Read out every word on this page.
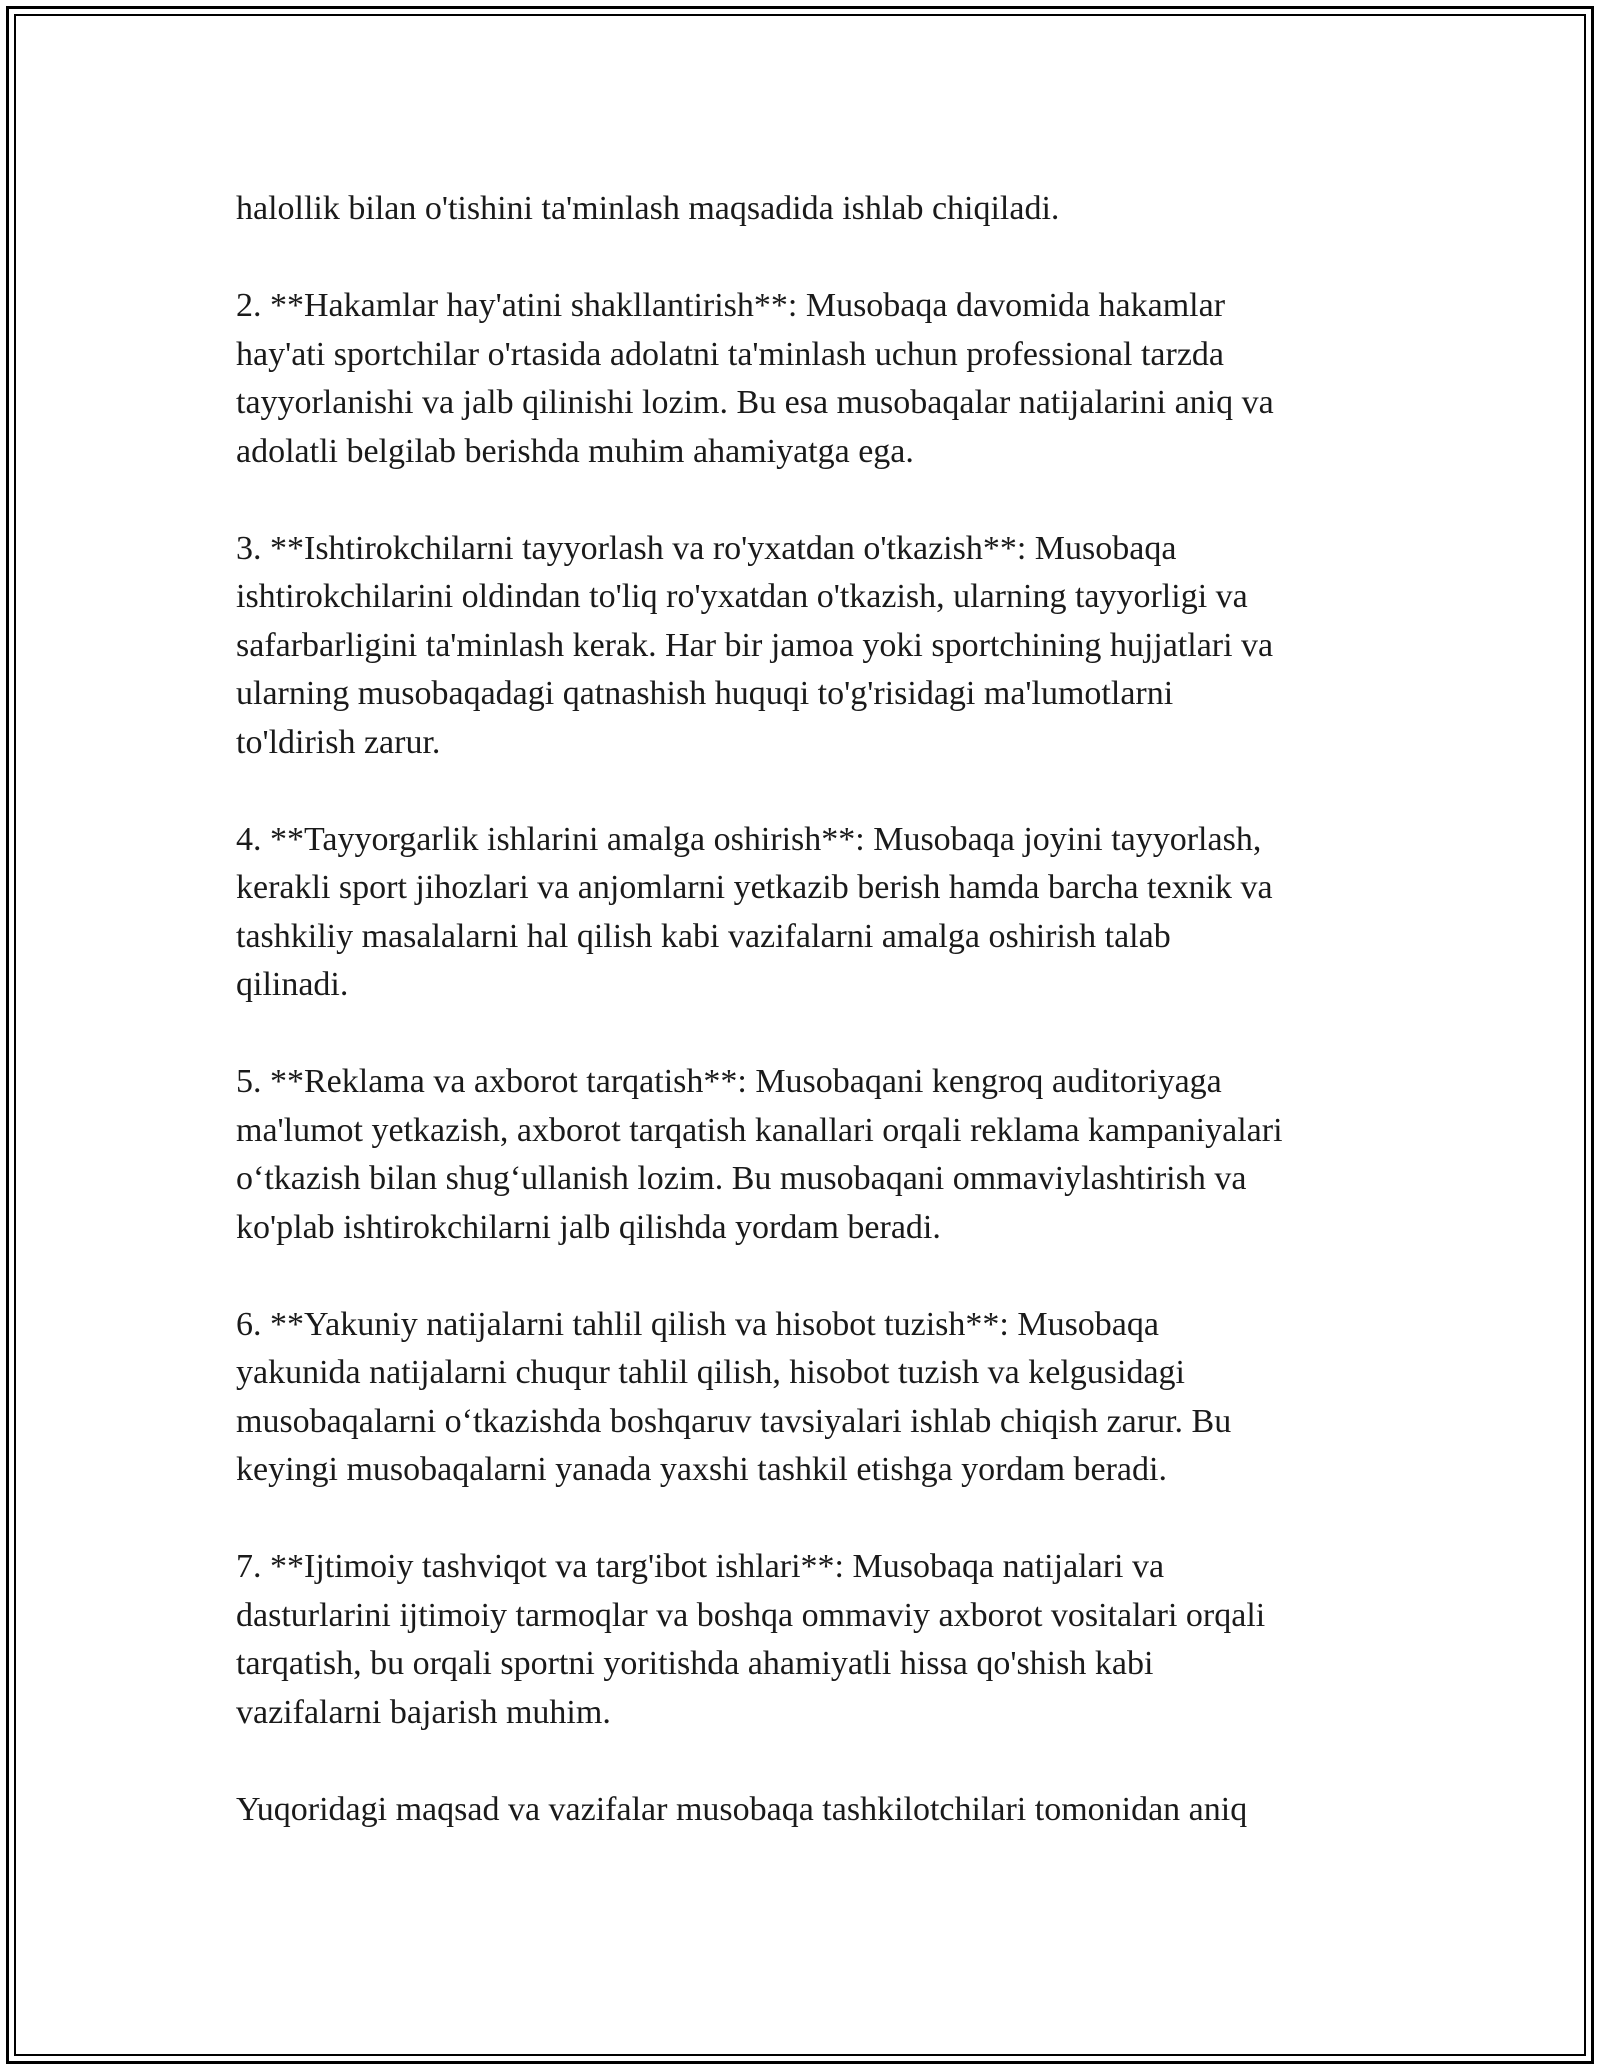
halollik bilan o'tishini ta'minlash maqsadida ishlab chiqiladi.

2. **Hakamlar hay'atini shakllantirish**: Musobaqa davomida hakamlar
hay'ati sportchilar o'rtasida adolatni ta'minlash uchun professional tarzda
tayyorlanishi va jalb qilinishi lozim. Bu esa musobaqalar natijalarini aniq va
adolatli belgilab berishda muhim ahamiyatga ega.

3. **Ishtirokchilarni tayyorlash va ro'yxatdan o'tkazish**: Musobaqa
ishtirokchilarini oldindan to'liq ro'yxatdan o'tkazish, ularning tayyorligi va
safarbarligini ta'minlash kerak. Har bir jamoa yoki sportchining hujjatlari va
ularning musobaqadagi qatnashish huquqi to'g'risidagi ma'lumotlarni
to'ldirish zarur.

4. **Tayyorgarlik ishlarini amalga oshirish**: Musobaqa joyini tayyorlash,
kerakli sport jihozlari va anjomlarni yetkazib berish hamda barcha texnik va
tashkiliy masalalarni hal qilish kabi vazifalarni amalga oshirish talab
qilinadi.

5. **Reklama va axborot tarqatish**: Musobaqani kengroq auditoriyaga
ma'lumot yetkazish, axborot tarqatish kanallari orqali reklama kampaniyalari
o‘tkazish bilan shug‘ullanish lozim. Bu musobaqani ommaviylashtirish va
ko'plab ishtirokchilarni jalb qilishda yordam beradi.

6. **Yakuniy natijalarni tahlil qilish va hisobot tuzish**: Musobaqa
yakunida natijalarni chuqur tahlil qilish, hisobot tuzish va kelgusidagi
musobaqalarni o‘tkazishda boshqaruv tavsiyalari ishlab chiqish zarur. Bu
keyingi musobaqalarni yanada yaxshi tashkil etishga yordam beradi.

7. **Ijtimoiy tashviqot va targ'ibot ishlari**: Musobaqa natijalari va
dasturlarini ijtimoiy tarmoqlar va boshqa ommaviy axborot vositalari orqali
tarqatish, bu orqali sportni yoritishda ahamiyatli hissa qo'shish kabi
vazifalarni bajarish muhim.

Yuqoridagi maqsad va vazifalar musobaqa tashkilotchilari tomonidan aniq
